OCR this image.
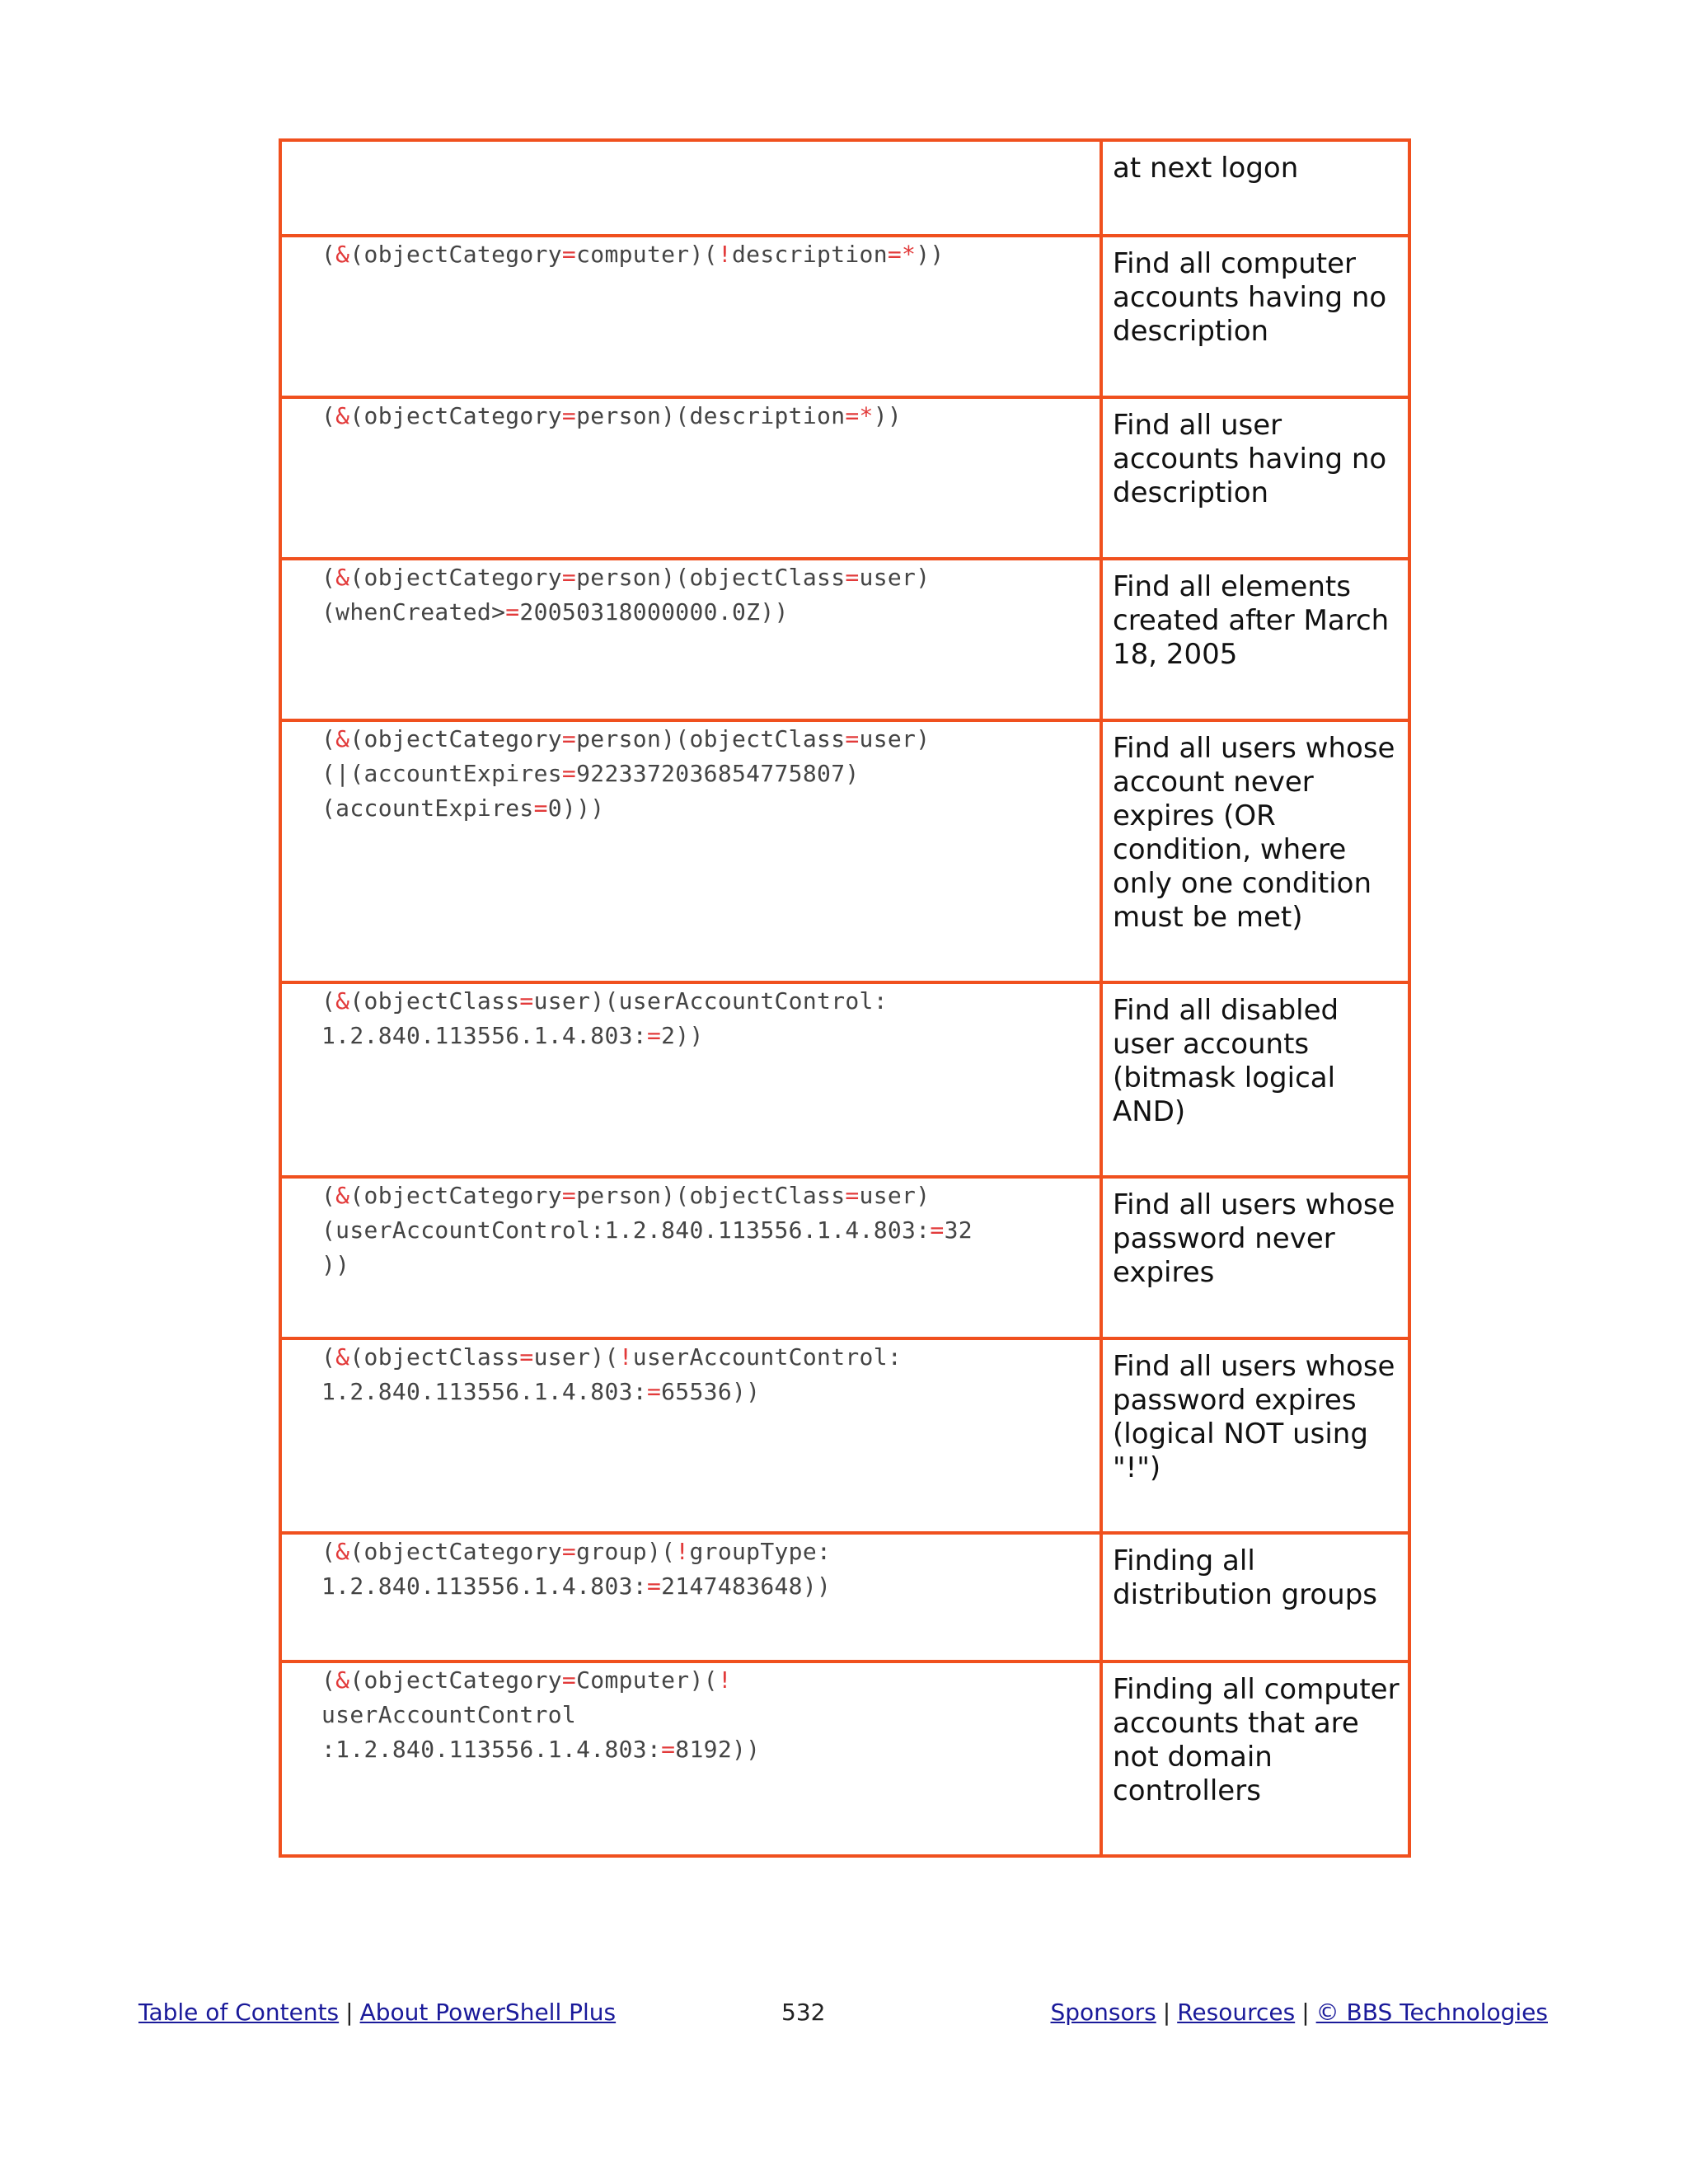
	at next logon

(&(objectCategory=computer)(!description=*))	Find all computer accounts having no description

(&(objectCategory=person)(description=*))	Find all user accounts having no description

(&(objectCategory=person)(objectClass=user)
(whenCreated>=20050318000000.0Z))	Find all elements created after March 18, 2005

(&(objectCategory=person)(objectClass=user)
(|(accountExpires=9223372036854775807)
(accountExpires=0)))	Find all users whose account never expires (OR condition, where only one condition must be met)

(&(objectClass=user)(userAccountControl:
1.2.840.113556.1.4.803:=2))	Find all disabled user accounts (bitmask logical AND)

(&(objectCategory=person)(objectClass=user)
(userAccountControl:1.2.840.113556.1.4.803:=32
))	Find all users whose password never expires

(&(objectClass=user)(!userAccountControl:
1.2.840.113556.1.4.803:=65536))	Find all users whose password expires (logical NOT using "!")

(&(objectCategory=group)(!groupType:
1.2.840.113556.1.4.803:=2147483648))	Finding all distribution groups

(&(objectCategory=Computer)(!
userAccountControl
:1.2.840.113556.1.4.803:=8192))	Finding all computer accounts that are not domain controllers
Table of Contents | About PowerShell Plus	532	Sponsors | Resources | © BBS Technologies
